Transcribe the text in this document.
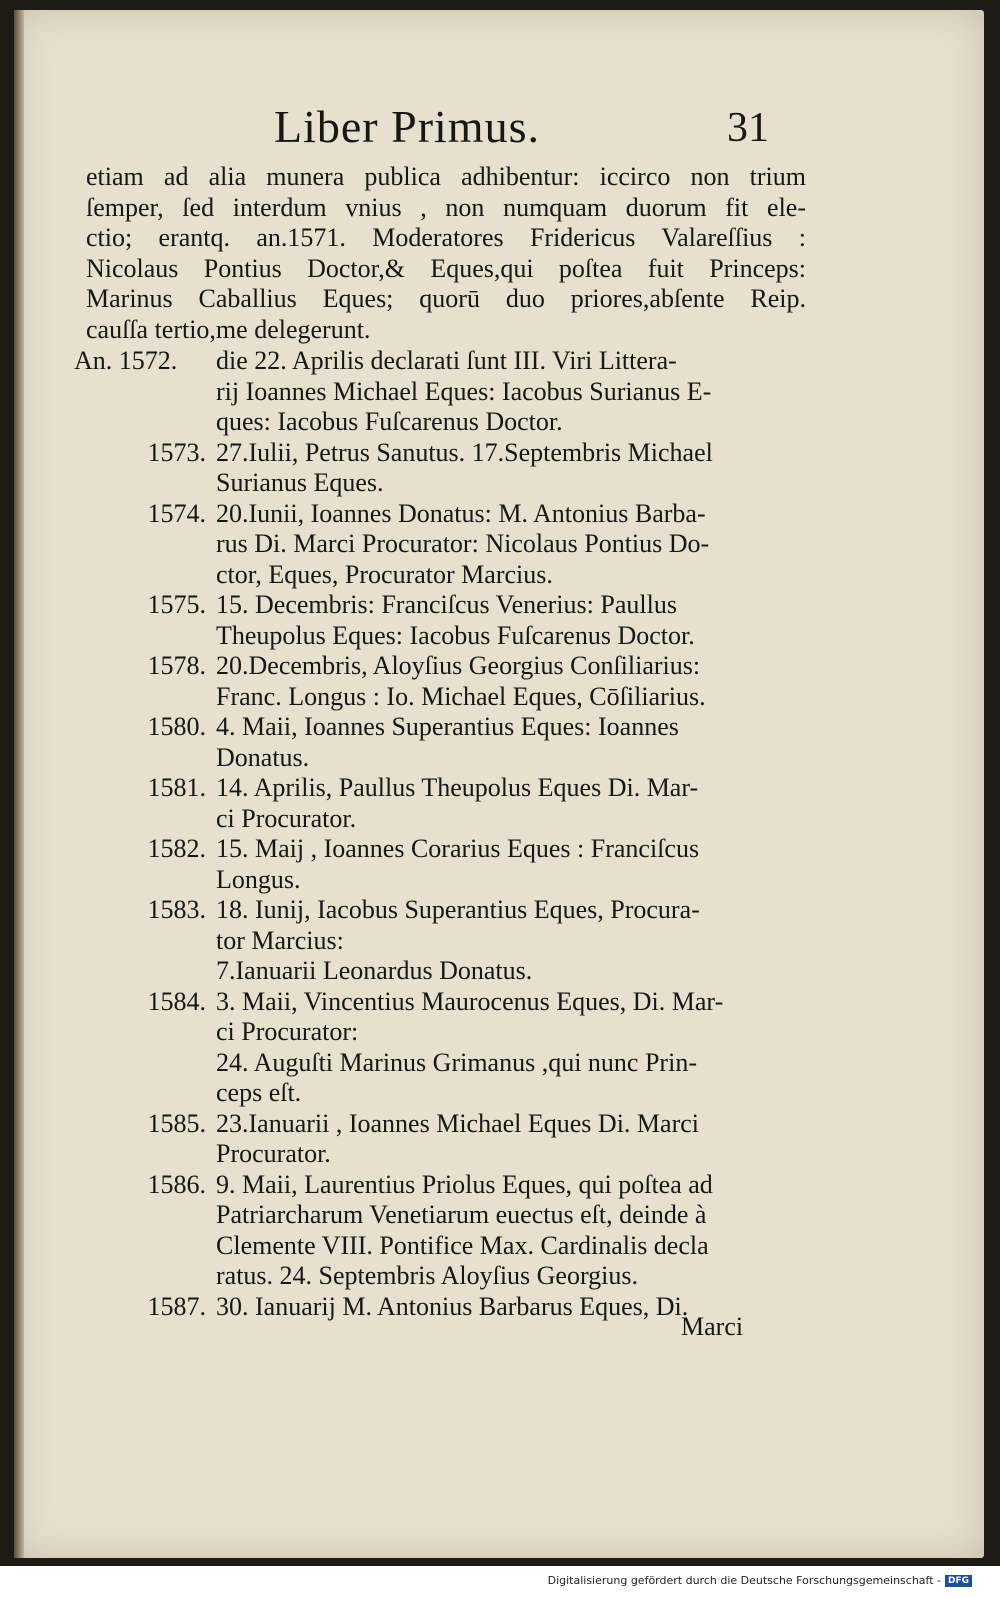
Liber Primus.	31
etiam ad alia munera publica adhibentur: iccirco non trium
ſemper, ſed interdum vnius , non numquam duorum fit ele-
ctio; erantq. an.1571. Moderatores Fridericus Valareſſius :
Nicolaus Pontius Doctor,& Eques,qui poſtea fuit Princeps:
Marinus Caballius Eques; quorū duo priores,abſente Reip.
cauſſa tertio,me delegerunt.
An. 1572.	die 22. Aprilis declarati ſunt III. Viri Littera-
rij Ioannes Michael Eques: Iacobus Surianus E-
ques: Iacobus Fuſcarenus Doctor.
1573. 27.Iulii, Petrus Sanutus. 17.Septembris Michael
Surianus Eques.
1574. 20.Iunii, Ioannes Donatus: M. Antonius Barba-
rus Di. Marci Procurator: Nicolaus Pontius Do-
ctor, Eques, Procurator Marcius.
1575. 15. Decembris: Franciſcus Venerius: Paullus
Theupolus Eques: Iacobus Fuſcarenus Doctor.
1578. 20.Decembris, Aloyſius Georgius Conſiliarius:
Franc. Longus : Io. Michael Eques, Cōſiliarius.
1580. 4. Maii, Ioannes Superantius Eques: Ioannes
Donatus.
1581. 14. Aprilis, Paullus Theupolus Eques Di. Mar-
ci Procurator.
1582. 15. Maij , Ioannes Corarius Eques : Franciſcus
Longus.
1583. 18. Iunij, Iacobus Superantius Eques, Procura-
tor Marcius:
7.Ianuarii Leonardus Donatus.
1584. 3. Maii, Vincentius Maurocenus Eques, Di. Mar-
ci Procurator:
24. Auguſti Marinus Grimanus ,qui nunc Prin-
ceps eſt.
1585. 23.Ianuarii , Ioannes Michael Eques Di. Marci
Procurator.
1586. 9. Maii, Laurentius Priolus Eques, qui poſtea ad
Patriarcharum Venetiarum euectus eſt, deinde à
Clemente VIII. Pontifice Max. Cardinalis decla
ratus. 24. Septembris Aloyſius Georgius.
1587. 30. Ianuarij M. Antonius Barbarus Eques, Di.
Marci
Digitalisierung gefördert durch die Deutsche Forschungsgemeinschaft - DFG
